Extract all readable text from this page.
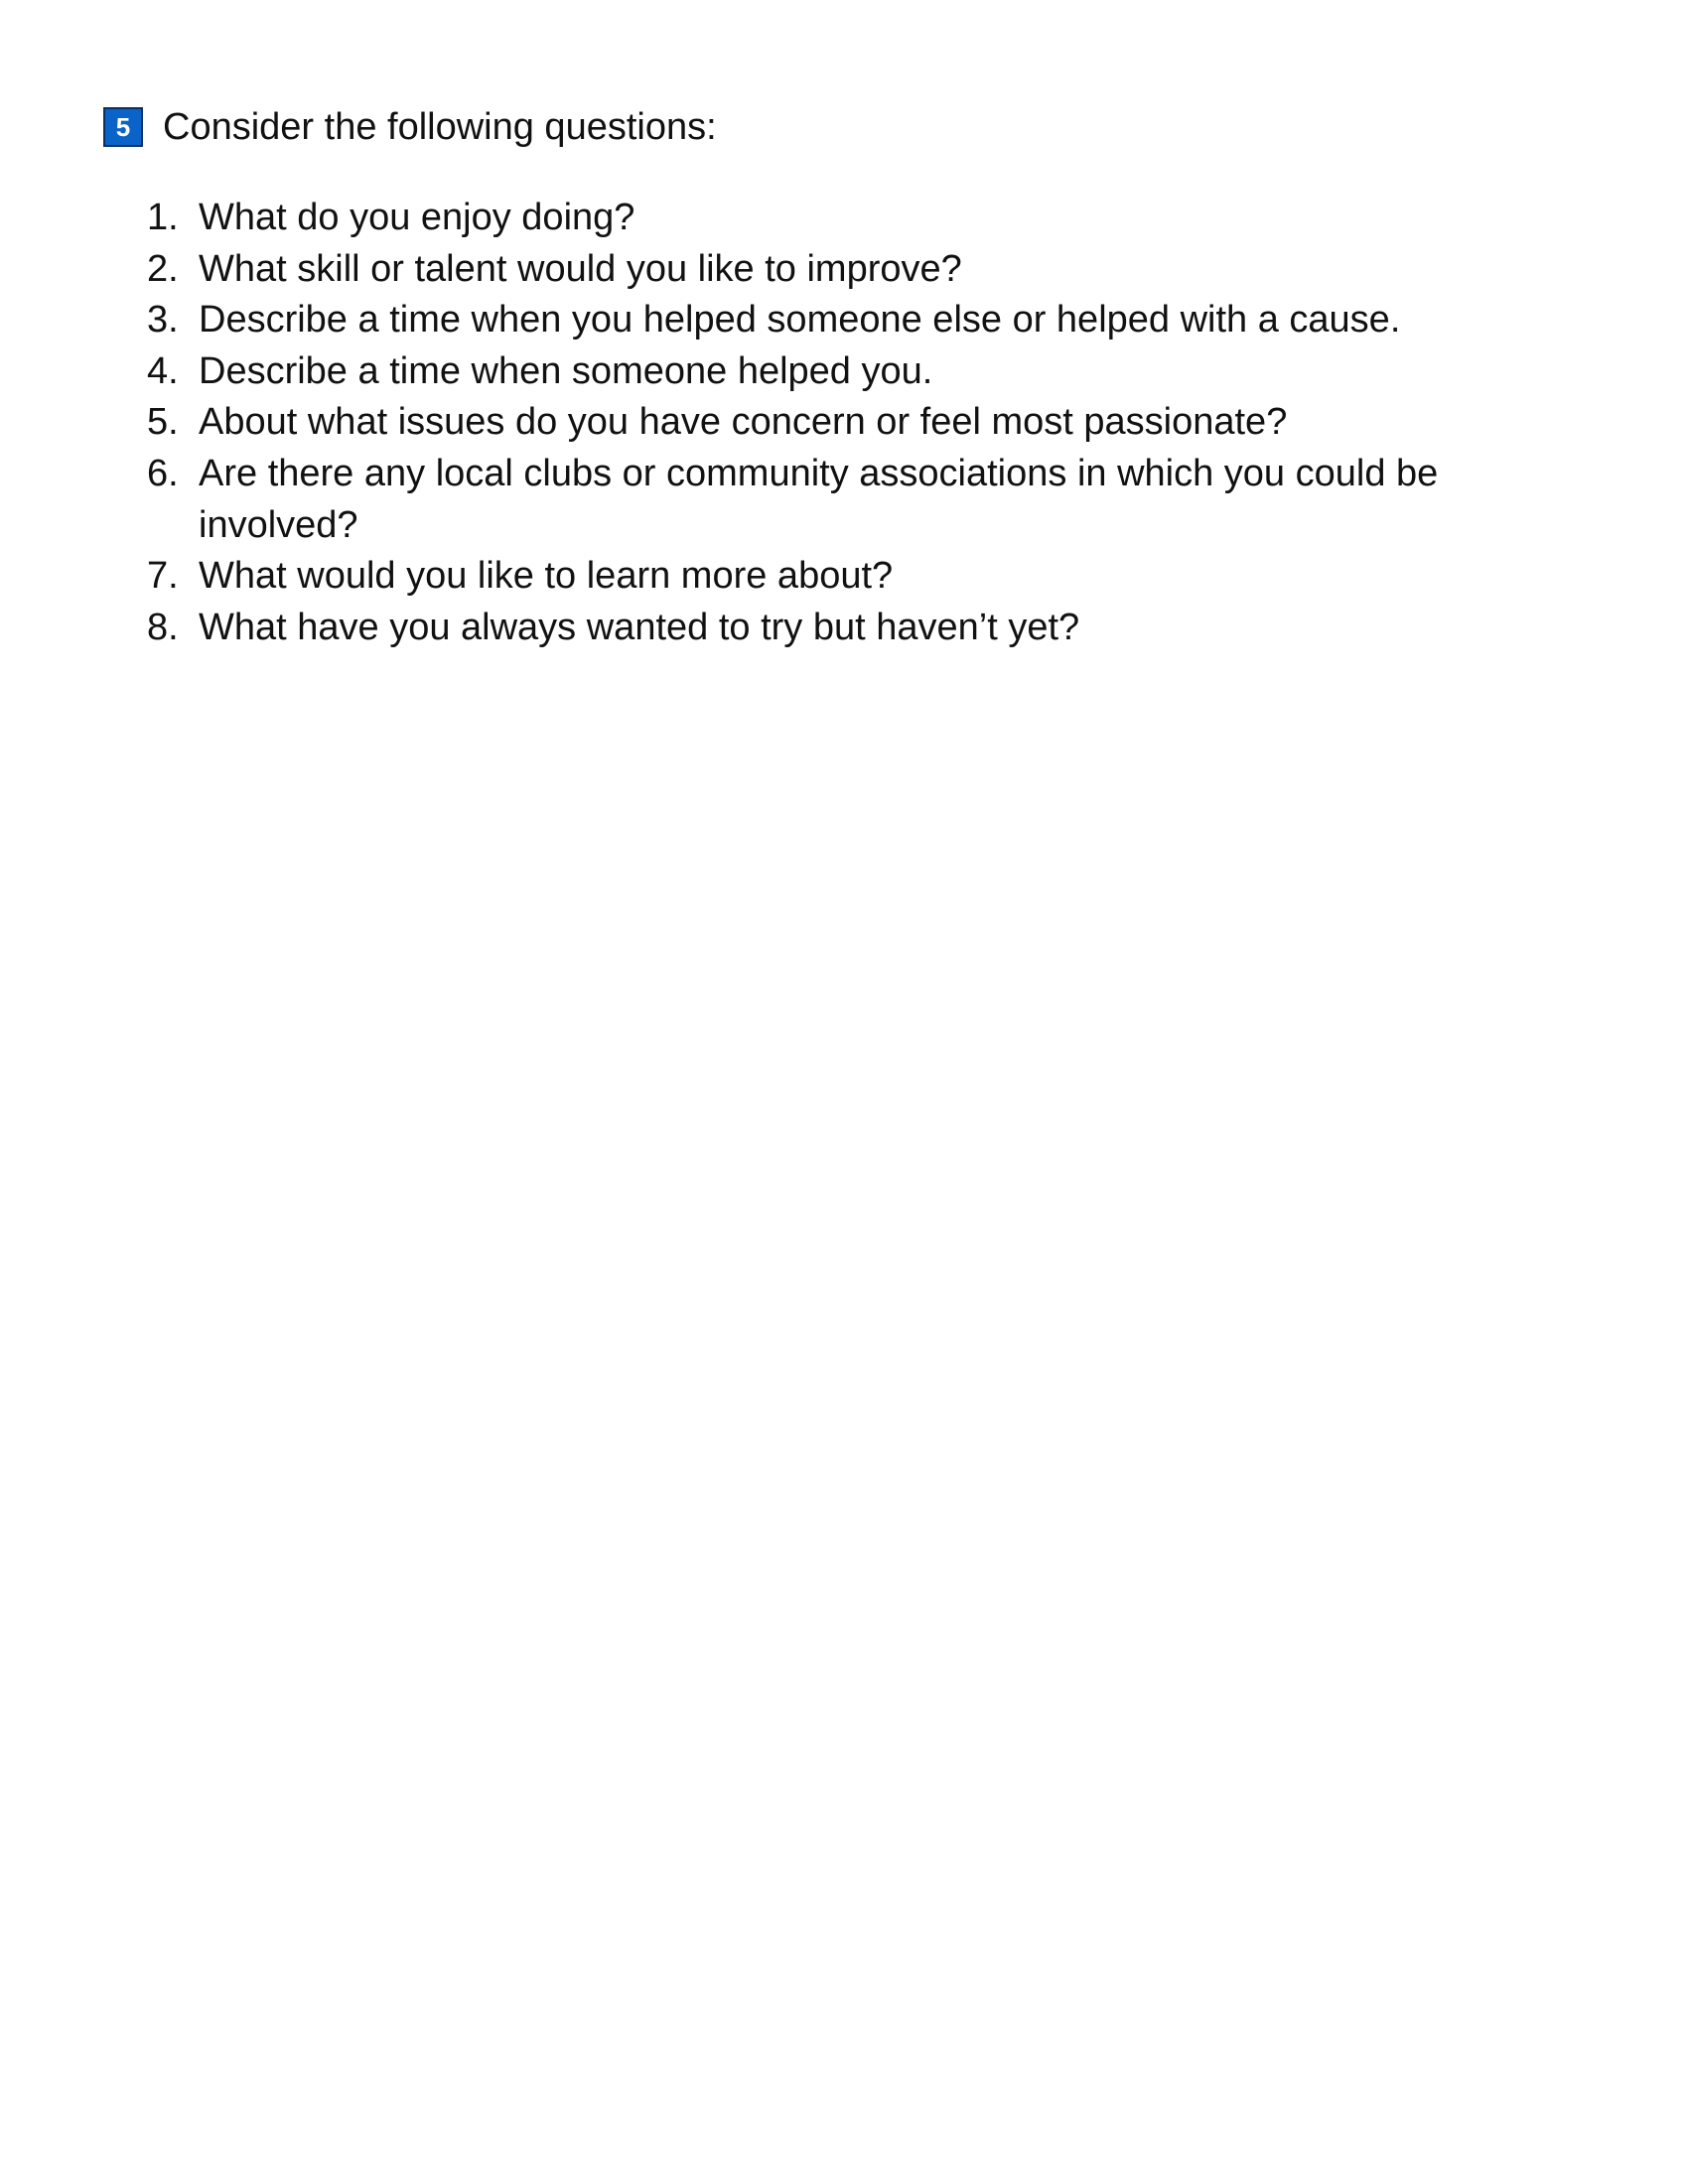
5 Consider the following questions:
1. What do you enjoy doing?
2. What skill or talent would you like to improve?
3. Describe a time when you helped someone else or helped with a cause.
4. Describe a time when someone helped you.
5. About what issues do you have concern or feel most passionate?
6. Are there any local clubs or community associations in which you could be involved?
7. What would you like to learn more about?
8. What have you always wanted to try but haven’t yet?
